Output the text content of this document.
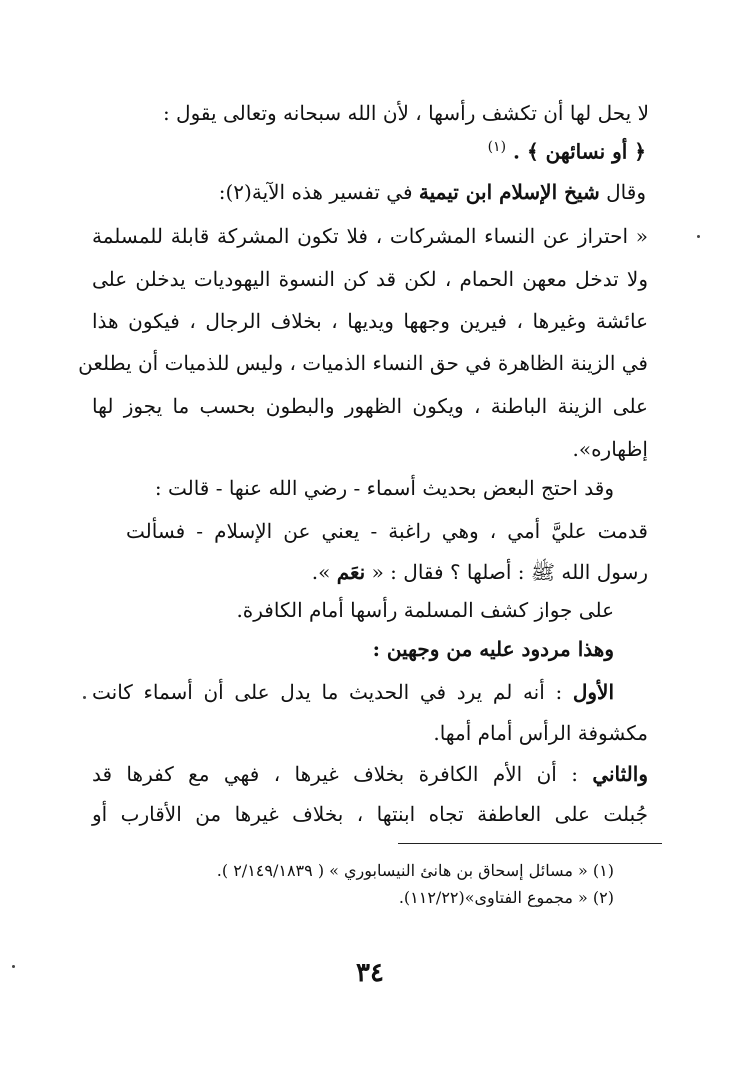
لا يحل لها أن تكشف رأسها ، لأن الله سبحانه وتعالى يقول :
﴿ أو نسائهن ﴾ . $^{(١)}$
وقال شيخ الإسلام ابن تيمية في تفسير هذه الآية(٢):
« احتراز عن النساء المشركات ، فلا تكون المشركة قابلة للمسلمة
ولا تدخل معهن الحمام ، لكن قد كن النسوة اليهوديات يدخلن على
عائشة وغيرها ، فيرين وجهها ويديها ، بخلاف الرجال ، فيكون هذا
في الزينة الظاهرة في حق النساء الذميات ، وليس للذميات أن يطلعن
على الزينة الباطنة ، ويكون الظهور والبطون بحسب ما يجوز لها
إظهاره».
وقد احتج البعض بحديث أسماء - رضي الله عنها - قالت :
قدمت عليَّ أمي ، وهي راغبة - يعني عن الإسلام - فسألت
رسول الله ﷺ : أصلها ؟ فقال : « نعَم ».
على جواز كشف المسلمة رأسها أمام الكافرة.
وهذا مردود عليه من وجهين :
الأول : أنه لم يرد في الحديث ما يدل على أن أسماء كانت
مكشوفة الرأس أمام أمها.
والثاني : أن الأم الكافرة بخلاف غيرها ، فهي مع كفرها قد
جُبلت على العاطفة تجاه ابنتها ، بخلاف غيرها من الأقارب أو
(١) « مسائل إسحاق بن هانئ النيسابوري » ( ٢/١٤٩/١٨٣٩ ).
(٢) « مجموع الفتاوى»(١١٢/٢٢).
٣٤
